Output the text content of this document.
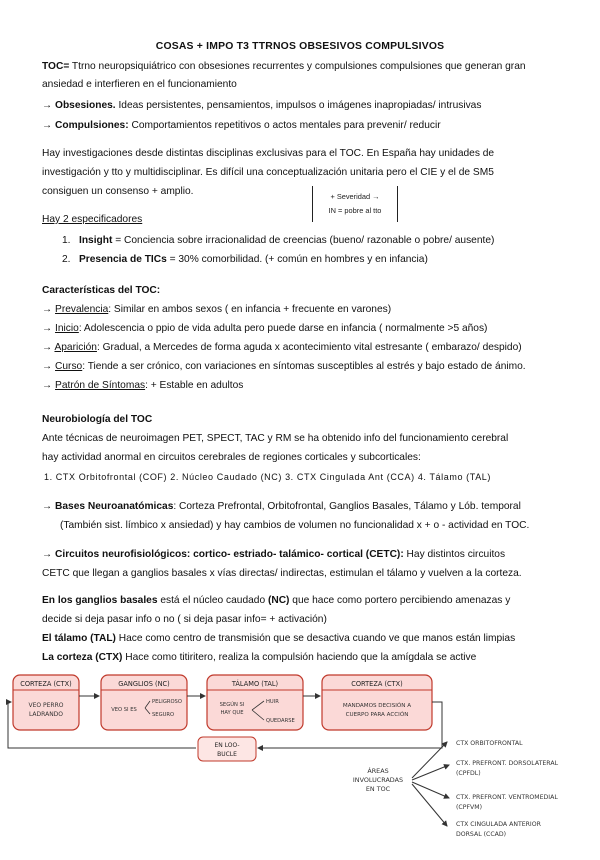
COSAS + IMPO T3 TTRNOS OBSESIVOS COMPULSIVOS
TOC= Ttrno neuropsiquiátrico con obsesiones recurrentes y compulsiones compulsiones que generan gran
ansiedad e interfieren en el funcionamiento
→ Obsesiones. Ideas persistentes, pensamientos, impulsos o imágenes inapropiadas/ intrusivas
→ Compulsiones: Comportamientos repetitivos o actos mentales para prevenir/ reducir
Hay investigaciones desde distintas disciplinas exclusivas para el TOC. En España hay unidades de
investigación y tto y multidisciplinar. Es difícil una conceptualización unitaria pero el CIE y el de SM5
consiguen un consenso + amplio.	+ Severidad →
IN = pobre al tto
Hay 2 especificadores
1. Insight = Conciencia sobre irracionalidad de creencias (bueno/ razonable o pobre/ ausente)
2. Presencia de TICs = 30% comorbilidad. (+ común en hombres y en infancia)
Características del TOC:
→ Prevalencia: Similar en ambos sexos ( en infancia + frecuente en varones)
→ Inicio: Adolescencia o ppio de vida adulta pero puede darse en infancia ( normalmente >5 años)
→ Aparición: Gradual, a Mercedes de forma aguda x acontecimiento vital estresante ( embarazo/ despido)
→ Curso: Tiende a ser crónico, con variaciones en síntomas susceptibles al estrés y bajo estado de ánimo.
→ Patrón de Síntomas: + Estable en adultos
Neurobiología del TOC
Ante técnicas de neuroimagen PET, SPECT, TAC y RM se ha obtenido info del funcionamiento cerebral
hay actividad anormal en circuitos cerebrales de regiones corticales y subcorticales:
1. CTX Orbitofrontal (COF) 2. Núcleo Caudado (NC) 3. CTX Cingulada Ant (CCA) 4. Tálamo (TAL)
→ Bases Neuroanatómicas: Corteza Prefrontal, Orbitofrontal, Ganglios Basales, Tálamo y Lób. temporal
(También sist. límbico x ansiedad) y hay cambios de volumen no funcionalidad x + o - actividad en TOC.
→ Circuitos neurofisiológicos: cortico- estriado- talámico- cortical (CETC): Hay distintos circuitos
CETC que llegan a ganglios basales x vías directas/ indirectas, estimulan el tálamo y vuelven a la corteza.
En los ganglios basales está el núcleo caudado (NC) que hace como portero percibiendo amenazas y
decide si deja pasar info o no ( si deja pasar info= + activación)
El tálamo (TAL) Hace como centro de transmisión que se desactiva cuando ve que manos están limpias
La corteza (CTX) Hace como titiritero, realiza la compulsión haciendo que la amígdala se active
CORTEZA (CTX)
VEO PERRO
LADRANDO
GANGLIOS (NC)
VEO SI ES
PELIGROSO
SEGURO
TÁLAMO (TAL)
SEGÚN SI
HAY QUE
HUIR
QUEDARSE
CORTEZA (CTX)
MANDAMOS DECISIÓN A
CUERPO PARA ACCIÓN
EN LOO-
BUCLE
ÁREAS
INVOLUCRADAS
EN TOC
CTX ORBITOFRONTAL
CTX. PREFRONT. DORSOLATERAL
(CPFDL)
CTX. PREFRONT. VENTROMEDIAL
(CPFVM)
CTX CINGULADA ANTERIOR
DORSAL (CCAD)
